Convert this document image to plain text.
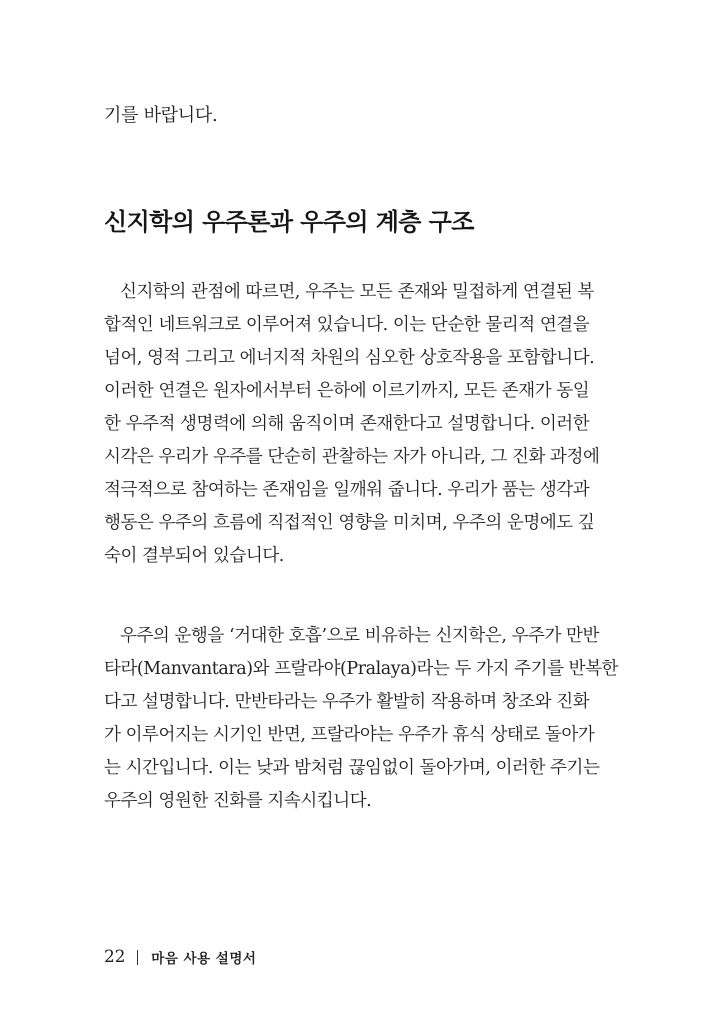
기를 바랍니다.
신지학의 우주론과 우주의 계층 구조

신지학의 관점에 따르면, 우주는 모든 존재와 밀접하게 연결된 복
합적인 네트워크로 이루어져 있습니다. 이는 단순한 물리적 연결을
넘어, 영적 그리고 에너지적 차원의 심오한 상호작용을 포함합니다.
이러한 연결은 원자에서부터 은하에 이르기까지, 모든 존재가 동일
한 우주적 생명력에 의해 움직이며 존재한다고 설명합니다. 이러한
시각은 우리가 우주를 단순히 관찰하는 자가 아니라, 그 진화 과정에
적극적으로 참여하는 존재임을 일깨워 줍니다. 우리가 품는 생각과
행동은 우주의 흐름에 직접적인 영향을 미치며, 우주의 운명에도 깊
숙이 결부되어 있습니다.

우주의 운행을 ‘거대한 호흡’으로 비유하는 신지학은, 우주가 만반
타라(Manvantara)와 프랄라야(Pralaya)라는 두 가지 주기를 반복한
다고 설명합니다. 만반타라는 우주가 활발히 작용하며 창조와 진화
가 이루어지는 시기인 반면, 프랄라야는 우주가 휴식 상태로 돌아가
는 시간입니다. 이는 낮과 밤처럼 끊임없이 돌아가며, 이러한 주기는
우주의 영원한 진화를 지속시킵니다.

22 마음 사용 설명서
